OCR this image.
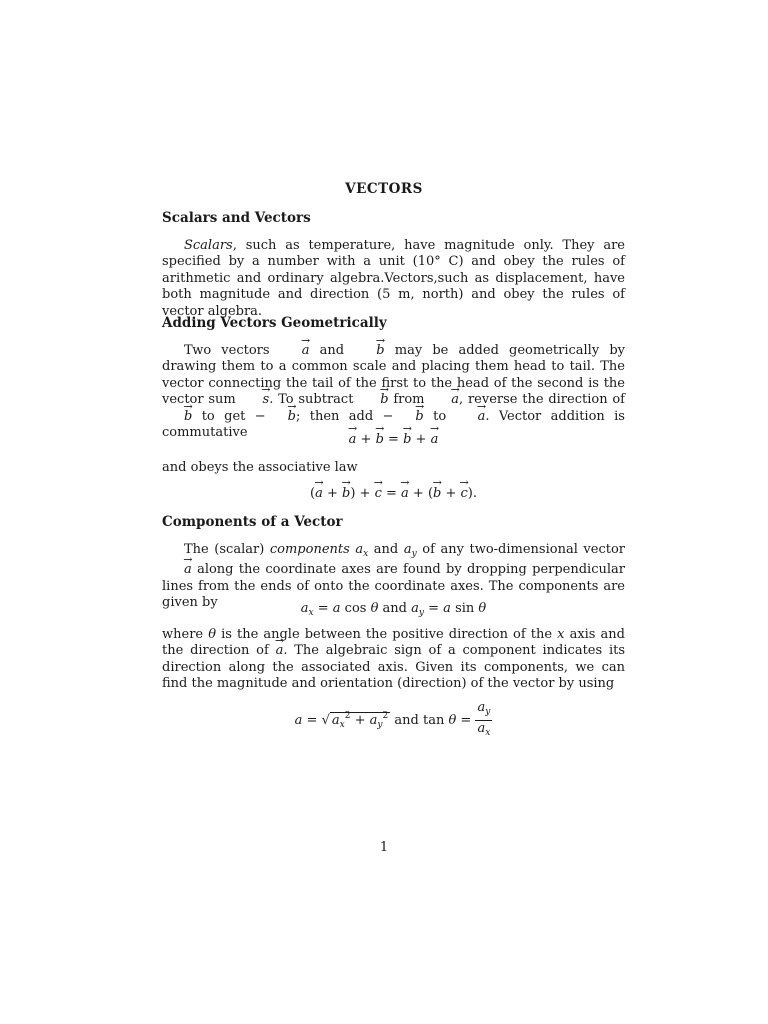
VECTORS
Scalars and Vectors
Scalars, such as temperature, have magnitude only. They are specified by a number with a unit (10° C) and obey the rules of arithmetic and ordinary algebra.Vectors,such as displacement, have both magnitude and direction (5 m, north) and obey the rules of vector algebra.
Adding Vectors Geometrically
Two vectors → a and → b may be added geometrically by drawing them to a common scale and placing them head to tail. The vector connecting the tail of the first to the head of the second is the vector sum → s. To subtract → b from → a, reverse the direction of → b to get − → b; then add − → b to → a. Vector addition is commutative	→ a + → b = → b + → a
and obeys the associative law
(→ a + → b) + → c = → a + (→ b + → c).
Components of a Vector
The (scalar) components $a_x$ and $a_y$ of any two-dimensional vector → a along the coordinate axes are found by dropping perpendicular lines from the ends of onto the coordinate axes. The components are given by	$a_x = a$ cos θ and $a_y = a$ sin θ
where θ is the angle between the positive direction of the x axis and the direction of → a. The algebraic sign of a component indicates its direction along the associated axis. Given its components, we can find the magnitude and orientation (direction) of the vector by using
a = √ $a_x^2 + a_y^2$ and $\tan \theta = \frac{a_y}{a_x}$
1
